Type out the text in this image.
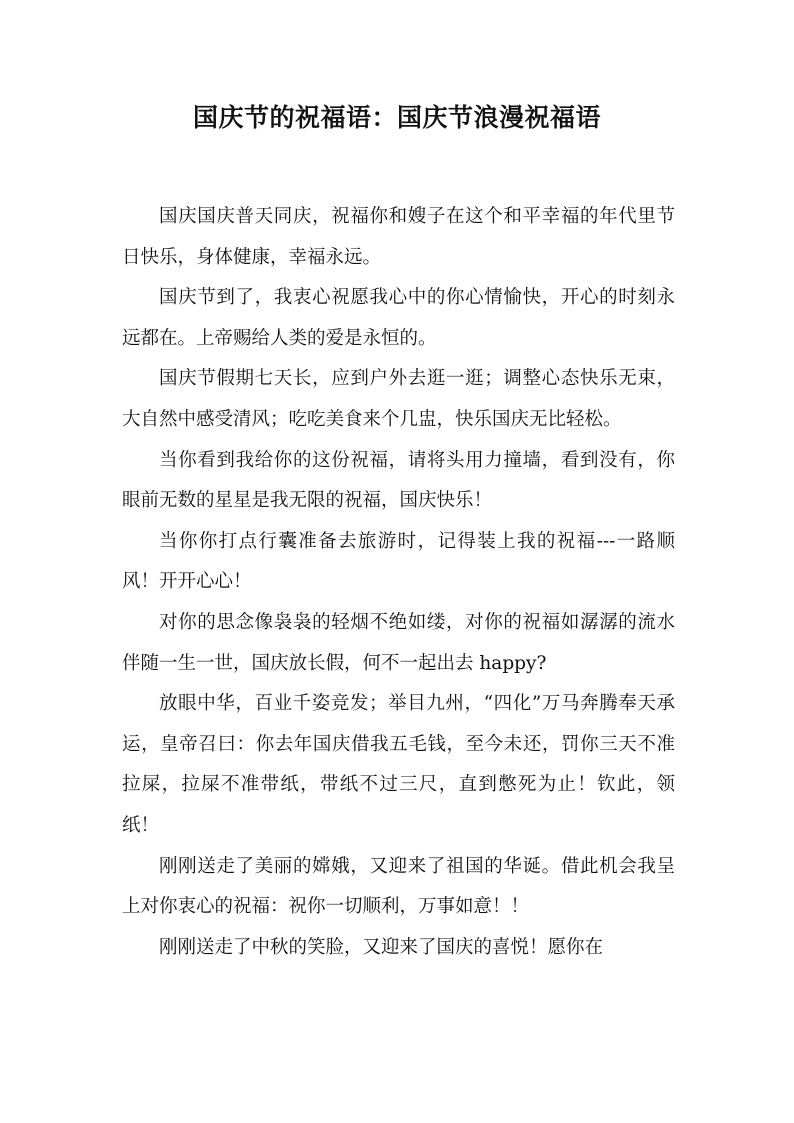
国庆节的祝福语：国庆节浪漫祝福语

国庆国庆普天同庆，祝福你和嫂子在这个和平幸福的年代里节日快乐，身体健康，幸福永远。

国庆节到了，我衷心祝愿我心中的你心情愉快，开心的时刻永远都在。上帝赐给人类的爱是永恒的。

国庆节假期七天长，应到户外去逛一逛；调整心态快乐无束，大自然中感受清风；吃吃美食来个几盅，快乐国庆无比轻松。

当你看到我给你的这份祝福，请将头用力撞墙，看到没有，你眼前无数的星星是我无限的祝福，国庆快乐！

当你你打点行囊准备去旅游时，记得装上我的祝福---一路顺风！开开心心！

对你的思念像袅袅的轻烟不绝如缕，对你的祝福如潺潺的流水伴随一生一世，国庆放长假，何不一起出去 happy?

放眼中华，百业千姿竞发；举目九州，“四化”万马奔腾奉天承运，皇帝召曰：你去年国庆借我五毛钱，至今未还，罚你三天不准拉屎，拉屎不准带纸，带纸不过三尺，直到憋死为止！钦此，领纸！

刚刚送走了美丽的嫦娥，又迎来了祖国的华诞。借此机会我呈上对你衷心的祝福：祝你一切顺利，万事如意！！

刚刚送走了中秋的笑脸，又迎来了国庆的喜悦！愿你在
